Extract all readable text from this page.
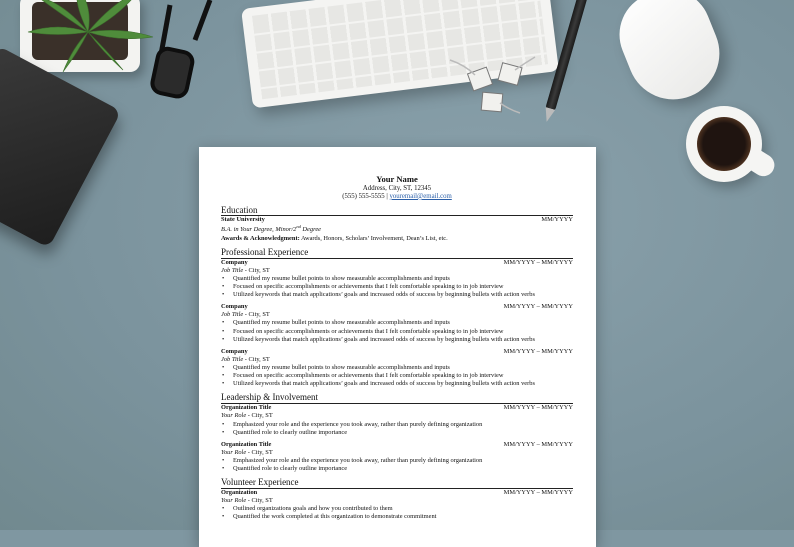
Your Name
Address, City, ST, 12345
(555) 555-5555 | youremail@email.com
Education
State University	MM/YYYY
B.A. in Your Degree, Minor/2nd Degree
Awards & Acknowledgment: Awards, Honors, Scholars’ Involvement, Dean’s List, etc.
Professional Experience
Company	MM/YYYY – MM/YYYY
Job Title - City, ST
• Quantified my resume bullet points to show measurable accomplishments and inputs
• Focused on specific accomplishments or achievements that I felt comfortable speaking to in job interview
• Utilized keywords that match applications’ goals and increased odds of success by beginning bullets with action verbs
Company	MM/YYYY – MM/YYYY
Job Title - City, ST
• Quantified my resume bullet points to show measurable accomplishments and inputs
• Focused on specific accomplishments or achievements that I felt comfortable speaking to in job interview
• Utilized keywords that match applications’ goals and increased odds of success by beginning bullets with action verbs
Company	MM/YYYY – MM/YYYY
Job Title - City, ST
• Quantified my resume bullet points to show measurable accomplishments and inputs
• Focused on specific accomplishments or achievements that I felt comfortable speaking to in job interview
• Utilized keywords that match applications’ goals and increased odds of success by beginning bullets with action verbs
Leadership & Involvement
Organization Title	MM/YYYY – MM/YYYY
Your Role - City, ST
• Emphasized your role and the experience you took away, rather than purely defining organization
• Quantified role to clearly outline importance
Organization Title	MM/YYYY – MM/YYYY
Your Role - City, ST
• Emphasized your role and the experience you took away, rather than purely defining organization
• Quantified role to clearly outline importance
Volunteer Experience
Organization	MM/YYYY – MM/YYYY
Your Role - City, ST
• Outlined organizations goals and how you contributed to them
• Quantified the work completed at this organization to demonstrate commitment
